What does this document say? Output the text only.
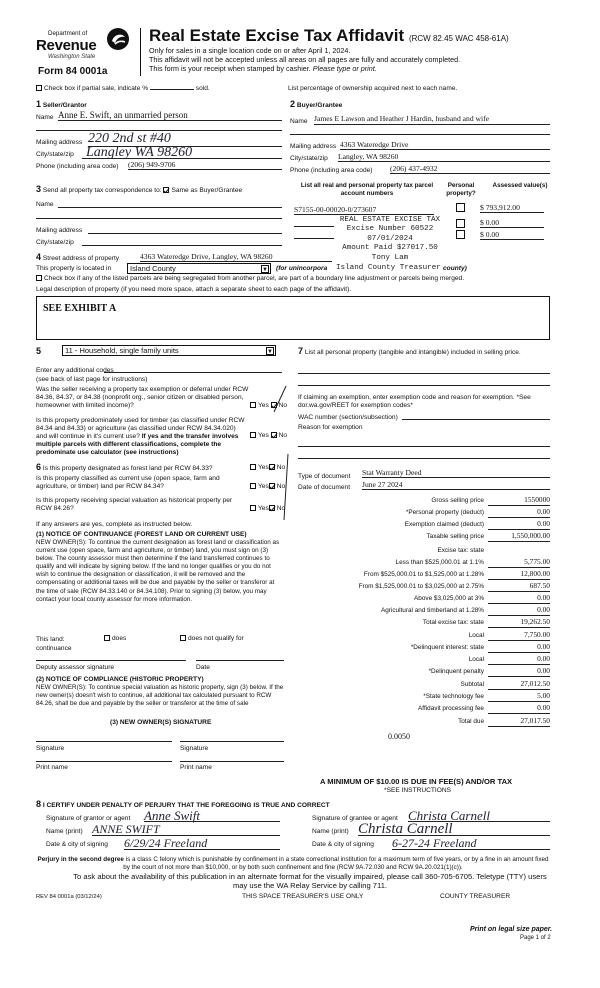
Department of
Revenue
Washington State
Form 84 0001a
Real Estate Excise Tax Affidavit (RCW 82.45 WAC 458-61A)
Only for sales in a single location code on or after April 1, 2024.
This affidavit will not be accepted unless all areas on all pages are fully and accurately completed.
This form is your receipt when stamped by cashier. Please type or print.
Check box if partial sale, indicate %	sold.	List percentage of ownership acquired next to each name.
1 Seller/Grantor
Name Anne E. Swift, an unmarried person
Mailing address 220 2nd st #40
City/state/zip Langley WA 98260
Phone (including area code) (206) 949-9706
2 Buyer/Grantee
Name James E Lawson and Heather J Hardin, husband and wife
Mailing address 4363 Wateredge Drive
City/state/zip Langley, WA 98260
Phone (including area code) (206) 437-4932
3 Send all property tax correspondence to: Same as Buyer/Grantee
Name
Mailing address
City/state/zip
List all real and personal property tax parcel account numbers
Personal property?
Assessed value(s)
S7155-00-00020-0/273607	$ 793,912.00
$ 0.00
$ 0.00
REAL ESTATE EXCISE TAX
Excise Number 60522
07/01/2024
Amount Paid $27017.50
Tony Lam
Island County Treasurer
4 Street address of property	4363 Wateredge Drive, Langley, WA 98260
This property is located in	Island County	▼ (for unincorpora	county)
Check box if any of the listed parcels are being segregated from another parcel, are part of a boundary line adjustment or parcels being merged.
Legal description of property (if you need more space, attach a separate sheet to each page of the affidavit).
SEE EXHIBIT A
5	11 - Household, single family units	▼
Enter any additional codes
(see back of last page for instructions)
Was the seller receiving a property tax exemption or deferral under RCW 84.36, 84.37, or 84.38 (nonprofit org., senior citizen or disabled person, homeowner with limited income)?	Yes No
Is this property predominately used for timber (as classified under RCW 84.34 and 84.33) or agriculture (as classified under RCW 84.34.020) and will continue in it's current use? If yes and the transfer involves multiple parcels with different classifications, complete the predominate use calculator (see instructions)
Yes No
6 Is this property designated as forest land per RCW 84.33?	Yes No
Is this property classified as current use (open space, farm and agriculture, or timber) land per RCW 84.34?	Yes No
Is this property receiving special valuation as historical property per RCW 84.26?	Yes No
If any answers are yes, complete as instructed below.
(1) NOTICE OF CONTINUANCE (FOREST LAND OR CURRENT USE)
NEW OWNER(S): To continue the current designation as forest land or classification as current use (open space, farm and agriculture, or timber) land, you must sign on (3) below. The county assessor must then determine if the land transferred continues to qualify and will indicate by signing below. If the land no longer qualifies or you do not wish to continue the designation or classification, it will be removed and the compensating or additional taxes will be due and payable by the seller or transferor at the time of sale (RCW 84.33.140 or 84.34.108). Prior to signing (3) below, you may contact your local county assessor for more information.
This land:	does	does not qualify for
continuance
Deputy assessor signature	Date
(2) NOTICE OF COMPLIANCE (HISTORIC PROPERTY)
NEW OWNER(S): To continue special valuation as historic property, sign (3) below. If the new owner(s) doesn't wish to continue, all additional tax calculated pursuant to RCW 84.26, shall be due and payable by the seller or transferor at the time of sale
(3) NEW OWNER(S) SIGNATURE
Signature	Signature
Print name	Print name
7 List all personal property (tangible and intangible) included in selling price.
If claiming an exemption, enter exemption code and reason for exemption. *See dor.wa.gov/REET for exemption codes*
WAC number (section/subsection)
Reason for exemption
Type of document Stat Warranty Deed
Date of document June 27 2024
Gross selling price	1550000
*Personal property (deduct)	0.00
Exemption claimed (deduct)	0.00
Taxable selling price	1,550,000.00
Excise tax: state
Less than $525,000.01 at 1.1%	5,775.00
From $525,000.01 to $1,525,000 at 1.28%	12,800.00
From $1,525,000.01 to $3,025,000 at 2.75%	687.50
Above $3,025,000 at 3%	0.00
Agricultural and timberland at 1.28%	0.00
Total excise tax: state	19,262.50
Local	7,750.00
*Delinquent interest: state	0.00
Local	0.00
*Delinquent penalty	0.00
Subtotal	27,012.50
*State technology fee	5.00
Affidavit processing fee	0.00
Total due	27,017.50
0.0050
A MINIMUM OF $10.00 IS DUE IN FEE(S) AND/OR TAX
*SEE INSTRUCTIONS
8 I CERTIFY UNDER PENALTY OF PERJURY THAT THE FOREGOING IS TRUE AND CORRECT
Signature of grantor or agent Anne Swift
Name (print) ANNE SWIFT
Date & city of signing 6/29/24 Freeland
Signature of grantee or agent Christa Carnell
Name (print) Christa Carnell
Date & city of signing 6-27-24 Freeland
Perjury in the second degree is a class C felony which is punishable by confinement in a state correctional institution for a maximum term of five years, or by a fine in an amount fixed by the court of not more than $10,000, or by both such confinement and fine (RCW 9A.72.030 and RCW 9A.20.021(1)(c)).
To ask about the availability of this publication in an alternate format for the visually impaired, please call 360-705-6705. Teletype (TTY) users may use the WA Relay Service by calling 711.
REV 84 0001a (03/12/24)	THIS SPACE TREASURER'S USE ONLY	COUNTY TREASURER
Print on legal size paper.
Page 1 of 2
